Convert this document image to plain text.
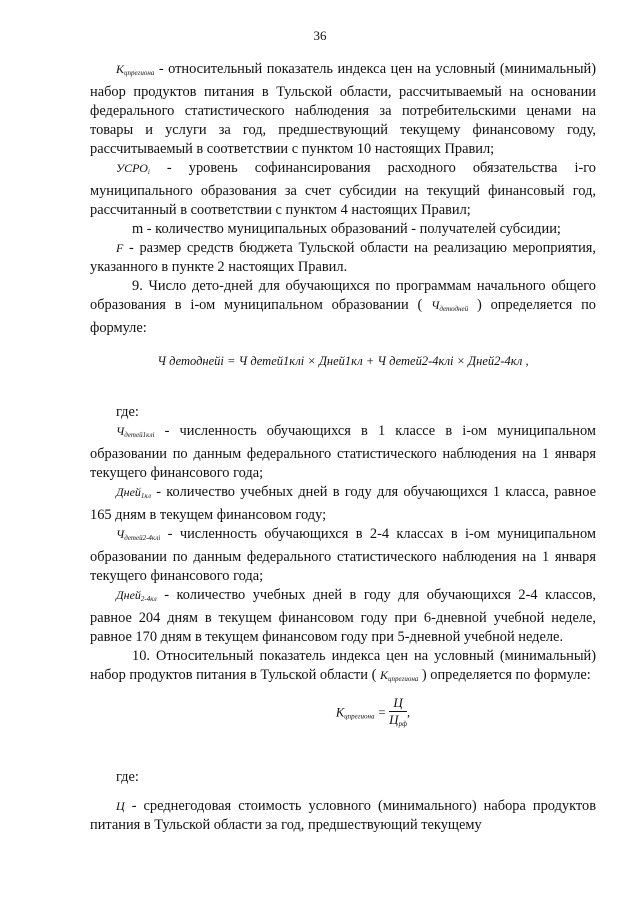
36

$K_{цпрегиона}$ - относительный показатель индекса цен на условный (минимальный) набор продуктов питания в Тульской области, рассчитываемый на основании федерального статистического наблюдения за потребительскими ценами на товары и услуги за год, предшествующий текущему финансовому году, рассчитываемый в соответствии с пунктом 10 настоящих Правил;

$УСРО_i$ - уровень софинансирования расходного обязательства i-го муниципального образования за счет субсидии на текущий финансовый год, рассчитанный в соответствии с пунктом 4 настоящих Правил;

m - количество муниципальных образований - получателей субсидии;

F - размер средств бюджета Тульской области на реализацию мероприятия, указанного в пункте 2 настоящих Правил.

9. Число дето-дней для обучающихся по программам начального общего образования в i-ом муниципальном образовании ( $Ч_{детодней}$ ) определяется по формуле:

Ч детоднейi = Ч детей1клi × Дней1кл + Ч детей2-4клi × Дней2-4кл ,

где:

$Ч_{детей1клi}$ - численность обучающихся в 1 классе в i-ом муниципальном образовании по данным федерального статистического наблюдения на 1 января текущего финансового года;

Дней$_{1кл}$ - количество учебных дней в году для обучающихся 1 класса, равное 165 дням в текущем финансовом году;

$Ч_{детей2-4клi}$ - численность обучающихся в 2-4 классах в i-ом муниципальном образовании по данным федерального статистического наблюдения на 1 января текущего финансового года;

Дней$_{2-4кл}$ - количество учебных дней в году для обучающихся 2-4 классов, равное 204 дням в текущем финансовом году при 6-дневной учебной неделе, равное 170 дням в текущем финансовом году при 5-дневной учебной неделе.

10. Относительный показатель индекса цен на условный (минимальный) набор продуктов питания в Тульской области ( $K_{цпрегиона}$ ) определяется по формуле:

$K_{цпрегиона} = \frac{Ц}{Ц_{рф}}$ ,

где:

Ц - среднегодовая стоимость условного (минимального) набора продуктов питания в Тульской области за год, предшествующий текущему
